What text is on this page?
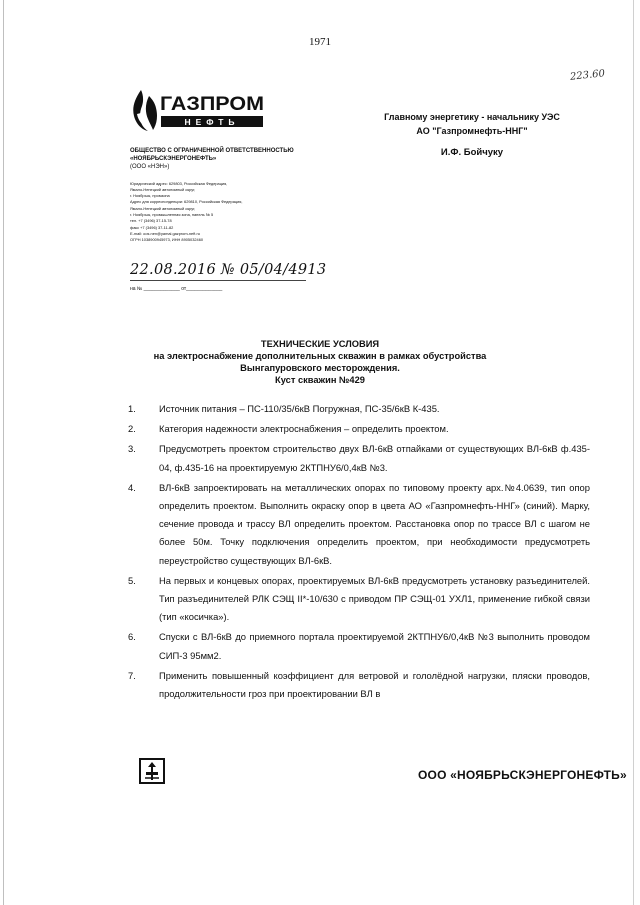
1971
223.60
ГАЗПРОМ
НЕФТЬ
ОБЩЕСТВО С ОГРАНИЧЕННОЙ ОТВЕТСТВЕННОСТЬЮ
«НОЯБРЬСКЭНЕРГОНЕФТЬ»
(ООО «НЭН»)
Юридический адрес: 629803, Российская Федерация,
Ямало-Ненецкий автономный округ,
г. Ноябрьск, промзона
Адрес для корреспонденции: 629810, Российская Федерация,
Ямало-Ненецкий автономный округ,
г. Ноябрьск, промышленная зона, панель № 5
тел. +7 (3496) 37-15-78
факс +7 (3496) 37-11-82
E-mail: oos.nen@yamal.gazprom-neft.ru
ОГРН 1038900945973, ИНН 8905032460
22.08.2016 № 05/04/4913
на № _____________ от_____________
Главному энергетику - начальнику УЭС
АО "Газпромнефть-ННГ"
И.Ф. Бойчуку
ТЕХНИЧЕСКИЕ УСЛОВИЯ
на электроснабжение дополнительных скважин в рамках обустройства
Вынгапуровского месторождения.
Куст скважин №429
1. Источник питания – ПС-110/35/6кВ Погружная, ПС-35/6кВ К-435.
2. Категория надежности электроснабжения – определить проектом.
3. Предусмотреть проектом строительство двух ВЛ-6кВ отпайками от существующих ВЛ-6кВ ф.435-04, ф.435-16 на проектируемую 2КТПНУ6/0,4кВ №3.
4. ВЛ-6кВ запроектировать на металлических опорах по типовому проекту арх.№4.0639, тип опор определить проектом. Выполнить окраску опор в цвета АО «Газпромнефть-ННГ» (синий). Марку, сечение провода и трассу ВЛ определить проектом. Расстановка опор по трассе ВЛ с шагом не более 50м. Точку подключения определить проектом, при необходимости предусмотреть переустройство существующих ВЛ-6кВ.
5. На первых и концевых опорах, проектируемых ВЛ-6кВ предусмотреть установку разъединителей. Тип разъединителей РЛК СЭЩ II*-10/630 с приводом ПР СЭЩ-01 УХЛ1, применение гибкой связи (тип «косичка»).
6. Спуски с ВЛ-6кВ до приемного портала проектируемой 2КТПНУ6/0,4кВ №3 выполнить проводом СИП-3 95мм2.
7. Применить повышенный коэффициент для ветровой и гололёдной нагрузки, пляски проводов, продолжительности гроз при проектировании ВЛ в
ООО «НОЯБРЬСКЭНЕРГОНЕФТЬ»
